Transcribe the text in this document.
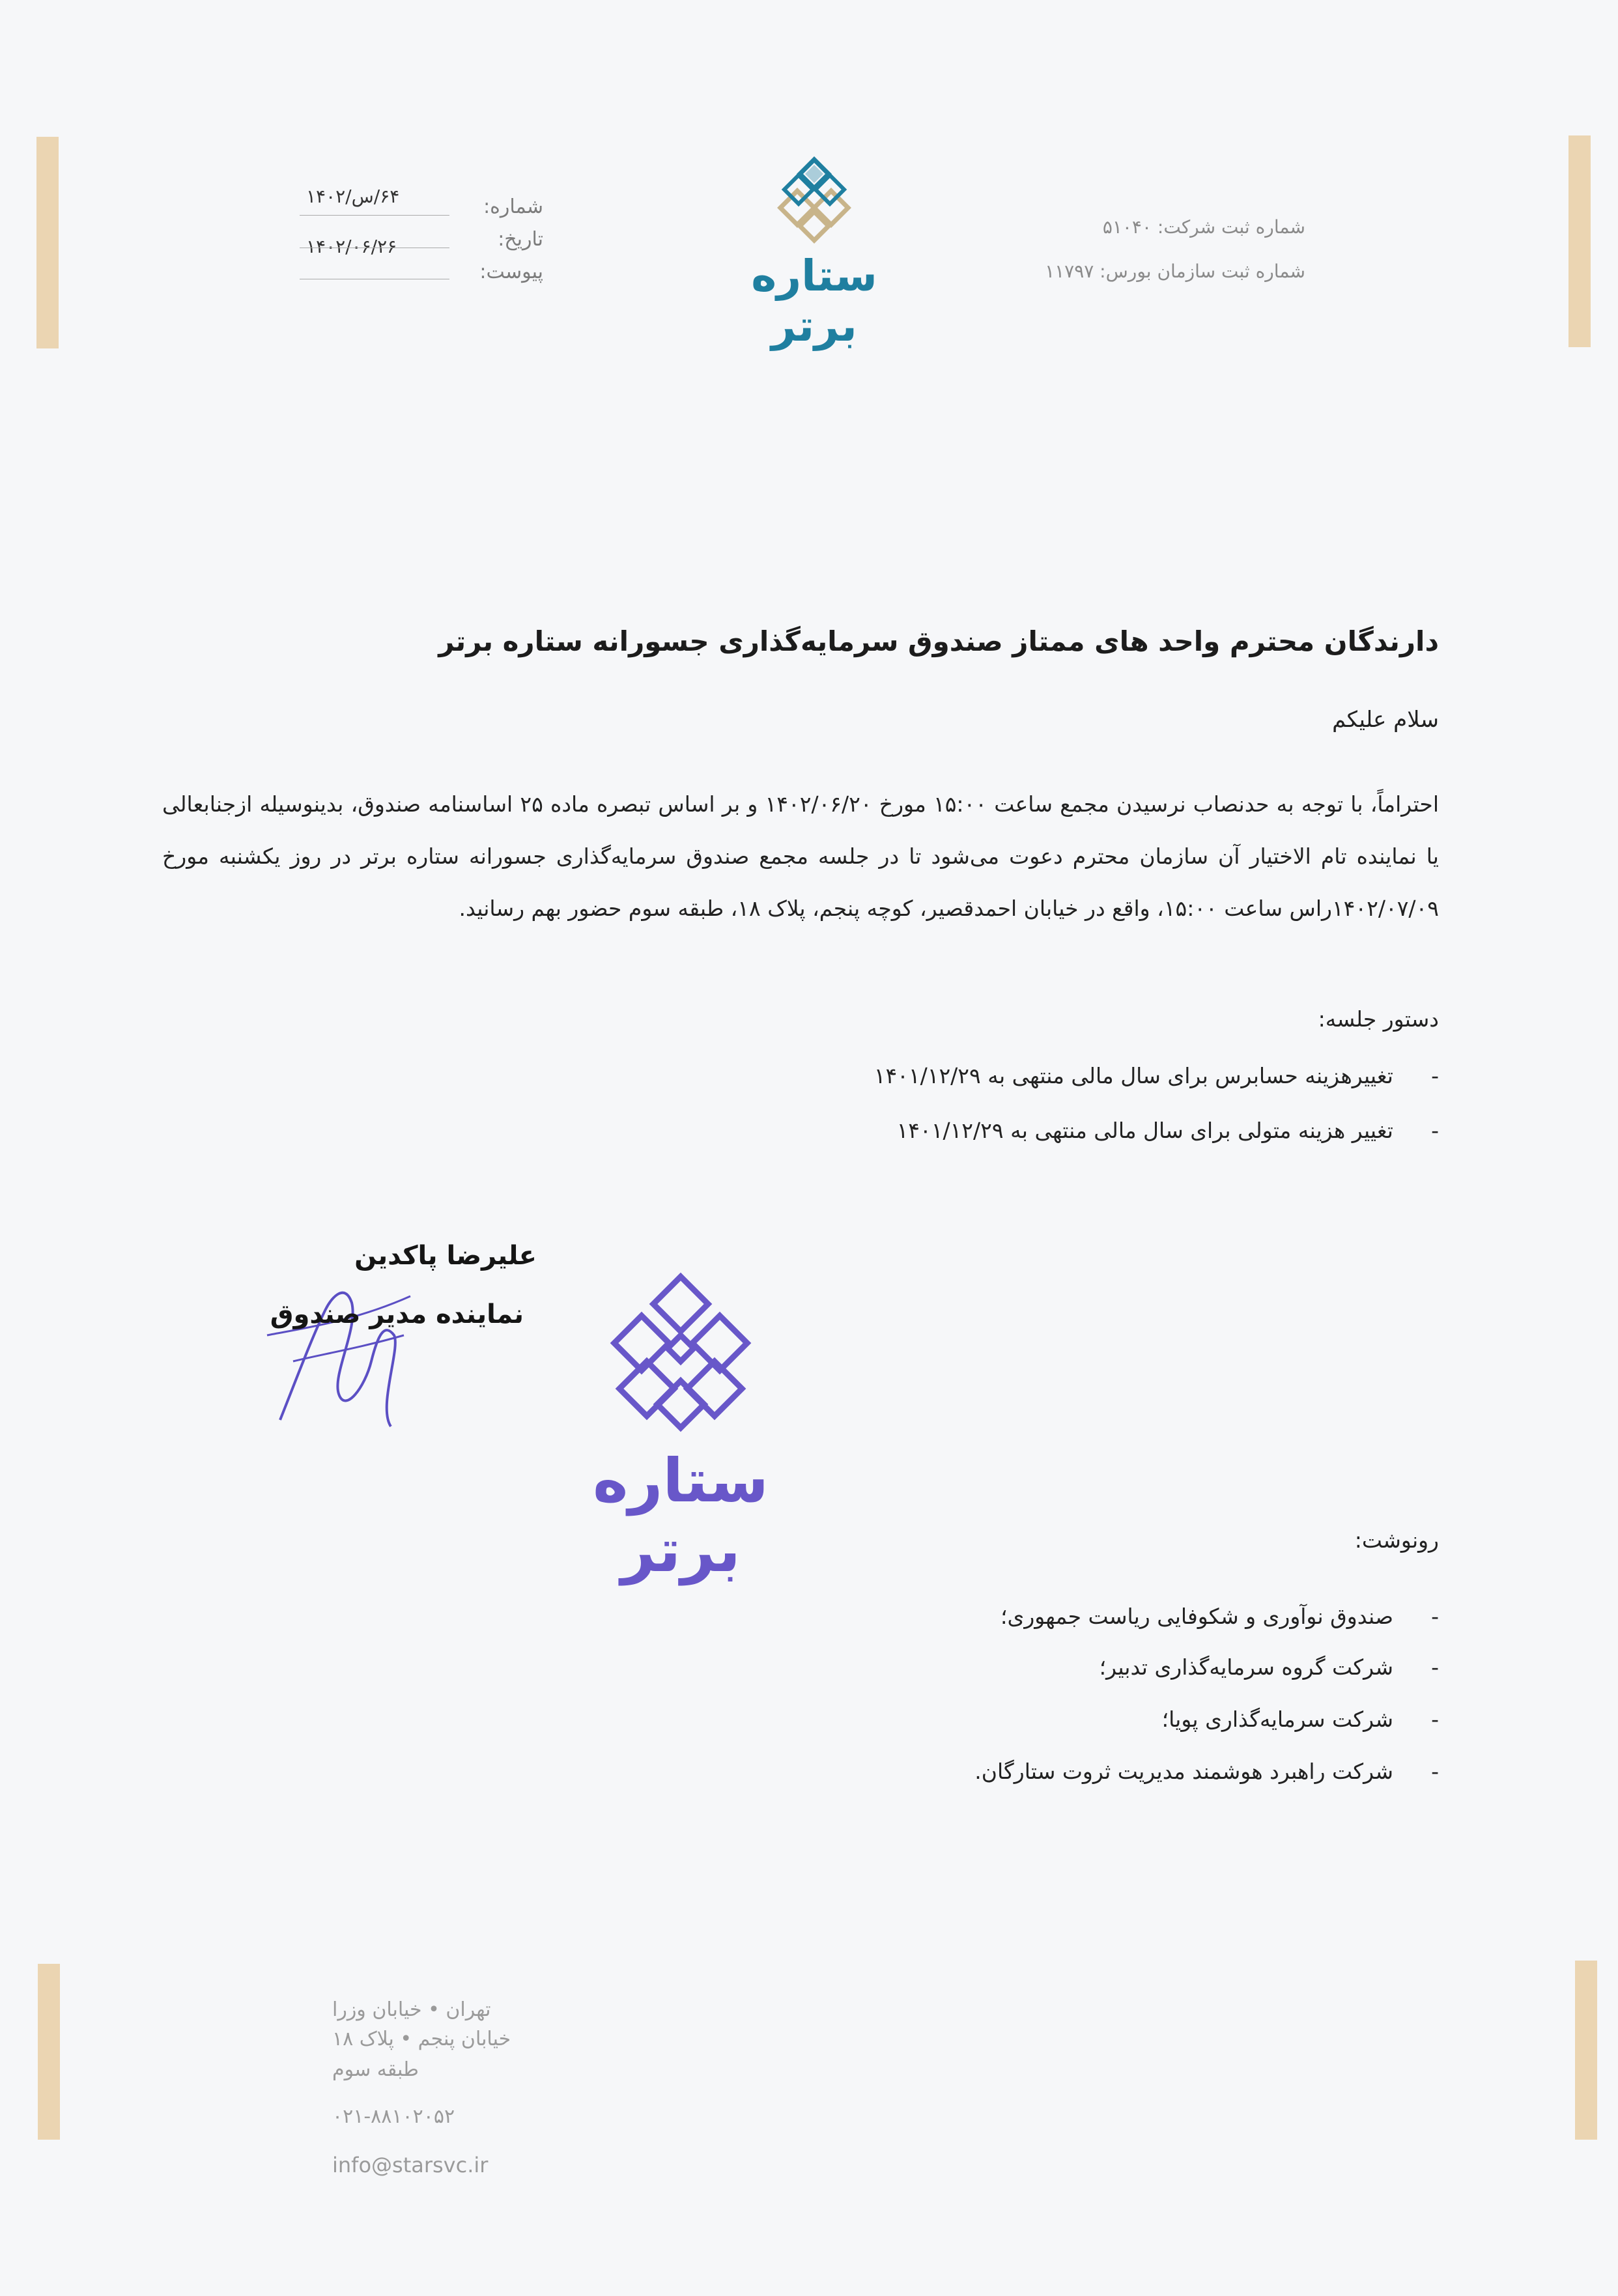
ستاره برتر
شماره:
۶۴/س/۱۴۰۲
تاریخ:
۱۴۰۲/۰۶/۲۶
پیوست:
شماره ثبت شرکت: ۵۱۰۴۰
شماره ثبت سازمان بورس: ۱۱۷۹۷
دارندگان محترم واحد های ممتاز صندوق سرمایه‌گذاری جسورانه ستاره برتر
سلام علیکم
احتراماً، با توجه به حدنصاب نرسیدن مجمع ساعت ۱۵:۰۰ مورخ ۱۴۰۲/۰۶/۲۰ و بر اساس تبصره ماده ۲۵ اساسنامه صندوق، بدینوسیله ازجنابعالی یا نماینده تام الاختیار آن سازمان محترم دعوت می‌شود تا در جلسه مجمع صندوق سرمایه‌گذاری جسورانه ستاره برتر در روز یکشنبه مورخ ۱۴۰۲/۰۷/۰۹راس ساعت ۱۵:۰۰، واقع در خیابان احمدقصیر، کوچه پنجم، پلاک ۱۸، طبقه سوم حضور بهم رسانید.
دستور جلسه:
-
تغییرهزینه حسابرس برای سال مالی منتهی به ۱۴۰۱/۱۲/۲۹
-
تغییر هزینه متولی برای سال مالی منتهی به ۱۴۰۱/۱۲/۲۹
علیرضا پاکدین
نماینده مدیر صندوق
ستاره برتر	رونوشت:
-
صندوق نوآوری و شکوفایی ریاست جمهوری؛
-
شرکت گروه سرمایه‌گذاری تدبیر؛
-
شرکت سرمایه‌گذاری پویا؛
-
شرکت راهبرد هوشمند مدیریت ثروت ستارگان.
تهران • خیابان وزرا
خیابان پنجم • پلاک ۱۸
طبقه سوم
۰۲۱-۸۸۱۰۲۰۵۲
info@starsvc.ir
